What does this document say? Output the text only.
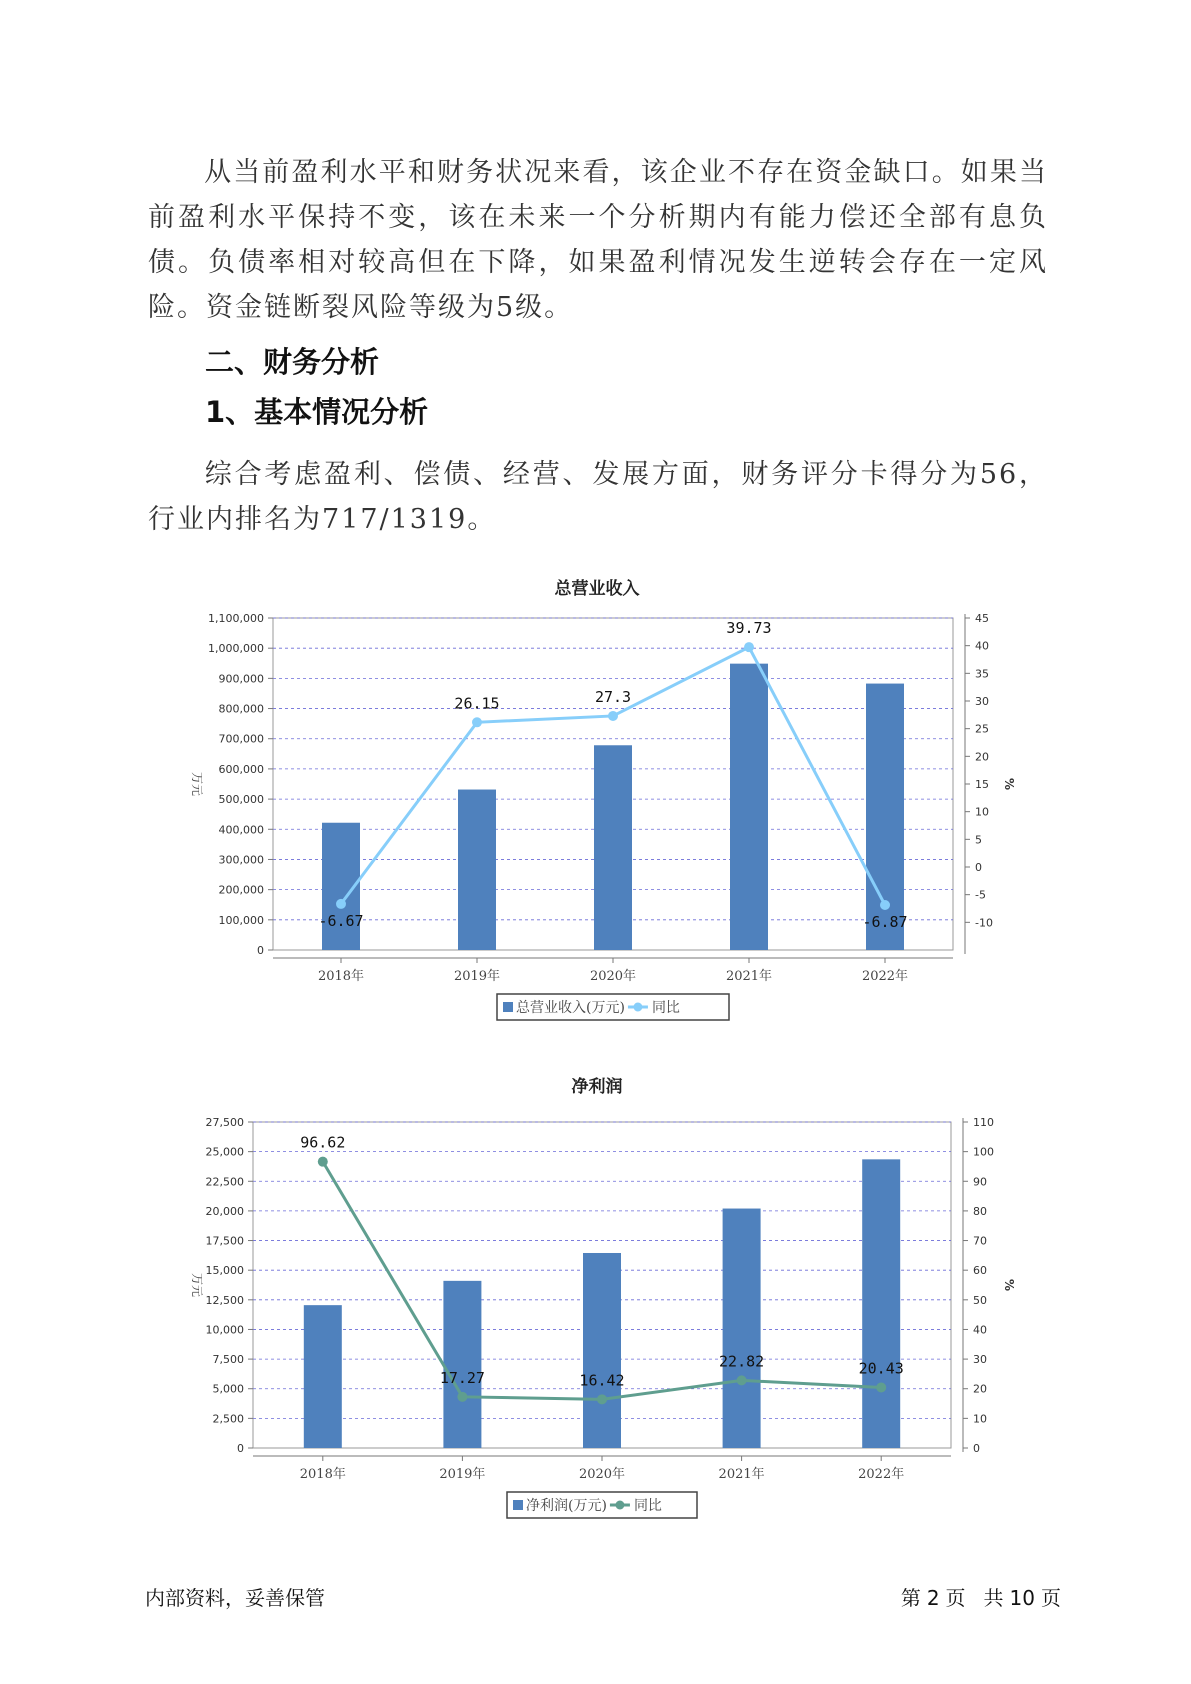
从当前盈利水平和财务状况来看，该企业不存在资金缺口。如果当前盈利水平保持不变，该在未来一个分析期内有能力偿还全部有息负债。负债率相对较高但在下降，如果盈利情况发生逆转会存在一定风险。资金链断裂风险等级为5级。

二、财务分析
1、基本情况分析

综合考虑盈利、偿债、经营、发展方面，财务评分卡得分为56，行业内排名为717/1319。

总营业收入
0
100,000
200,000
300,000
400,000
500,000
600,000
700,000
800,000
900,000
1,000,000
1,100,000
-10
-5
0
5
10
15
20
25
30
35
40
45
万元	%
2018年	2019年	2020年	2021年	2022年
-6.67
26.15	27.3
39.73
-6.87
总营业收入(万元) 同比
净利润
0
2,500
5,000
7,500
10,000
12,500
15,000
17,500
20,000
22,500
25,000
27,500
0
10
20
30
40
50
60
70
80
90
100
110
万元	%
2018年	2019年	2020年	2021年	2022年
96.62
17.27	16.42
22.82	20.43
净利润(万元) 同比
内部资料，妥善保管	第 2 页 共 10 页
